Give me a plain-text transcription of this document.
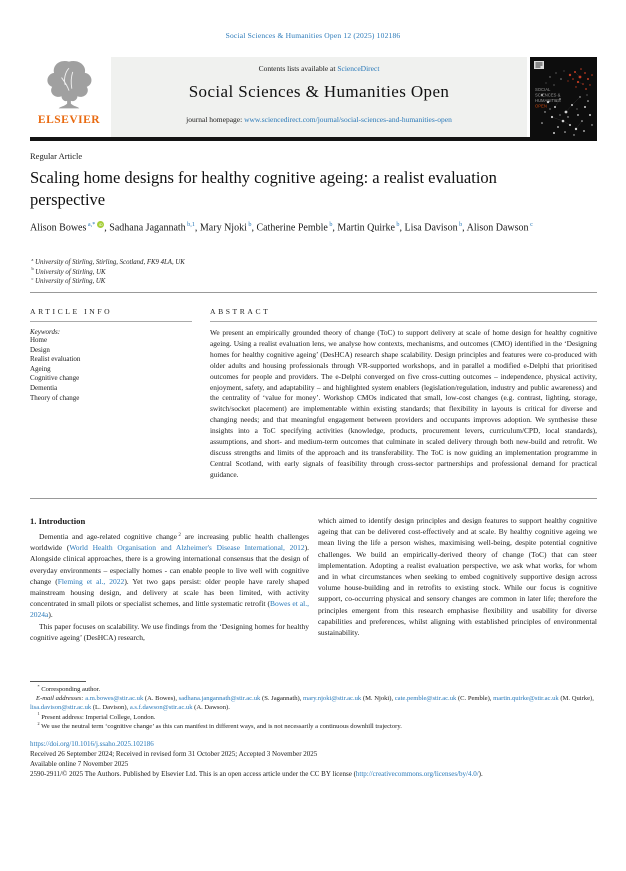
Social Sciences & Humanities Open 12 (2025) 102186
ELSEVIER
Contents lists available at ScienceDirect
Social Sciences & Humanities Open
journal homepage: www.sciencedirect.com/journal/social-sciences-and-humanities-open
SOCIAL
SCIENCES &
HUMANITIES
OPEN
Regular Article
Scaling home designs for healthy cognitive ageing: a realist evaluation perspective
Alison Bowes $^{a,*}$ iD , Sadhana Jagannath $^{b,1}$, Mary Njoki $^b$, Catherine Pemble $^b$, Martin Quirke $^b$, Lisa Davison $^b$, Alison Dawson $^c$
$^a$ University of Stirling, Stirling, Scotland, FK9 4LA, UK
$^b$ University of Stirling, UK
$^c$ University of Stirling, UK
ARTICLE INFO
Keywords:
Home
Design
Realist evaluation
Ageing
Cognitive change
Dementia
Theory of change
ABSTRACT
We present an empirically grounded theory of change (ToC) to support delivery at scale of home design for healthy cognitive ageing. Using a realist evaluation lens, we analyse how contexts, mechanisms, and outcomes (CMO) identified in the ‘Designing homes for healthy cognitive ageing’ (DesHCA) research shape scalability. Design principles and features were co-produced with older adults and housing professionals through VR-supported workshops, and in parallel a modified e-Delphi that prioritised outcomes for people and providers. The e-Delphi converged on five cross-cutting outcomes – independence, physical activity, enjoyment, safety, and adaptability – and highlighted system enablers (legislation/regulation, industry and public awareness) and the centrality of ‘value for money’. Workshop CMOs indicated that small, low-cost changes (e.g. contrast, lighting, storage, switch/socket placement) are implementable within existing standards; that flexibility in layouts is critical for diverse and changing needs; and that meaningful engagement between providers and occupants improves adoption. We synthesise these insights into a ToC specifying activities (knowledge, products, procurement levers, curriculum/CPD, local standards), assumptions, and short- and medium-term outcomes that culminate in scaled delivery through both new-build and retrofit. We discuss strengths and limits of the approach and its transferability. The ToC is now guiding an implementation programme in Central Scotland, with early signals of feasibility through cross-sector partnerships and professional demand for practical guidance.
1. Introduction

Dementia and age-related cognitive change $^2$ are increasing public health challenges worldwide (World Health Organisation and Alzheimer's Disease International, 2012). Alongside clinical approaches, there is a growing international consensus that the design of everyday environments – especially homes - can enable people to live well with cognitive change (Fleming et al., 2022). Yet two gaps persist: older people have rarely shaped mainstream housing design, and delivery at scale has been limited, with activity concentrated in small pilots or specialist schemes, and little systematic retrofit (Bowes et al., 2024a).

This paper focuses on scalability. We use findings from the ‘Designing homes for healthy cognitive ageing’ (DesHCA) research,

which aimed to identify design principles and design features to support healthy cognitive ageing that can be delivered cost-effectively and at scale. By healthy cognitive ageing we mean living the life a person wishes, maximising well-being, despite potential cognitive challenges. We build an empirically-derived theory of change (ToC) that can steer implementation. Adopting a realist evaluation perspective, we ask what works, for whom and in what circumstances when seeking to embed cognitively supportive design across volume house-building and in retrofits to existing stock. While our focus is cognitive support, co-occurring physical and sensory changes are common in later life; therefore the principles emergent from this research emphasise flexibility and usability for diverse capabilities and preferences, whilst aligning with established principles of environmental sustainability.

* Corresponding author.
E-mail addresses: a.m.bowes@stir.ac.uk (A. Bowes), sadhana.jangannath@stir.ac.uk (S. Jagannath), mary.njoki@stir.ac.uk (M. Njoki), cate.pemble@stir.ac.uk (C. Pemble), martin.quirke@stir.ac.uk (M. Quirke), lisa.davison@stir.ac.uk (L. Davison), a.s.f.dawson@stir.ac.uk (A. Dawson).
$^1$ Present address: Imperial College, London.
$^2$ We use the neutral term ‘cognitive change’ as this can manifest in different ways, and is not necessarily a continuous downhill trajectory.
https://doi.org/10.1016/j.ssaho.2025.102186
Received 26 September 2024; Received in revised form 31 October 2025; Accepted 3 November 2025
Available online 7 November 2025
2590-2911/© 2025 The Authors. Published by Elsevier Ltd. This is an open access article under the CC BY license (http://creativecommons.org/licenses/by/4.0/).
